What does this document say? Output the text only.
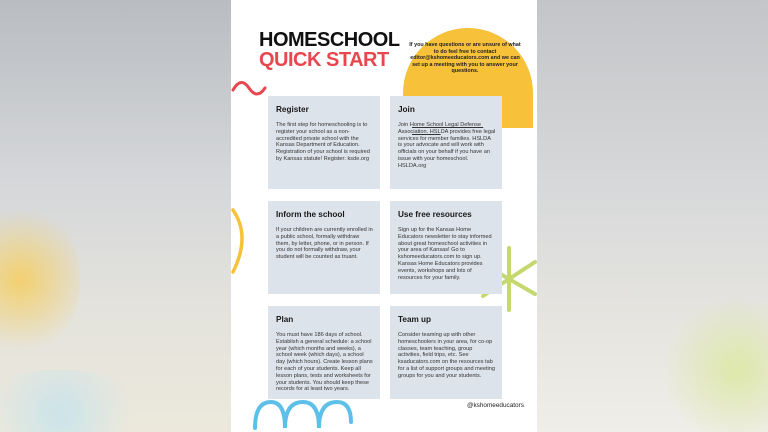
HOMESCHOOL
QUICK START
If you have questions or are unsure of what to do feel free to contact editor@kshomeeducators.com and we can set up a meeting with you to answer your questions.
Register

The first step for homeschooling is to register your school as a non-accredited private school with the Kansas Department of Education. Registration of your school is required by Kansas statute! Register: ksde.org

Join

Join Home School Legal Defense Association. HSLDA provides free legal services for member families. HSLDA is your advocate and will work with officials on your behalf if you have an issue with your homeschool. HSLDA.org

Inform the school

If your children are currently enrolled in a public school, formally withdraw them, by letter, phone, or in person. If you do not formally withdraw, your student will be counted as truant.

Use free resources

Sign up for the Kansas Home Educators newsletter to stay informed about great homeschool activities in your area of Kansas! Go to kshomeeducators.com to sign up. Kansas Home Educators provides events, workshops and lots of resources for your family.

Plan

You must have 186 days of school. Establish a general schedule: a school year (which months and weeks), a school week (which days), a school day (which hours). Create lesson plans for each of your students. Keep all lesson plans, tests and worksheets for your students. You should keep these records for at least two years.

Team up

Consider teaming up with other homeschoolers in your area, for co-op classes, team teaching, group activities, field trips, etc. See ksaducators.com on the resources tab for a list of support groups and meeting groups for you and your students.

@kshomeeducators
